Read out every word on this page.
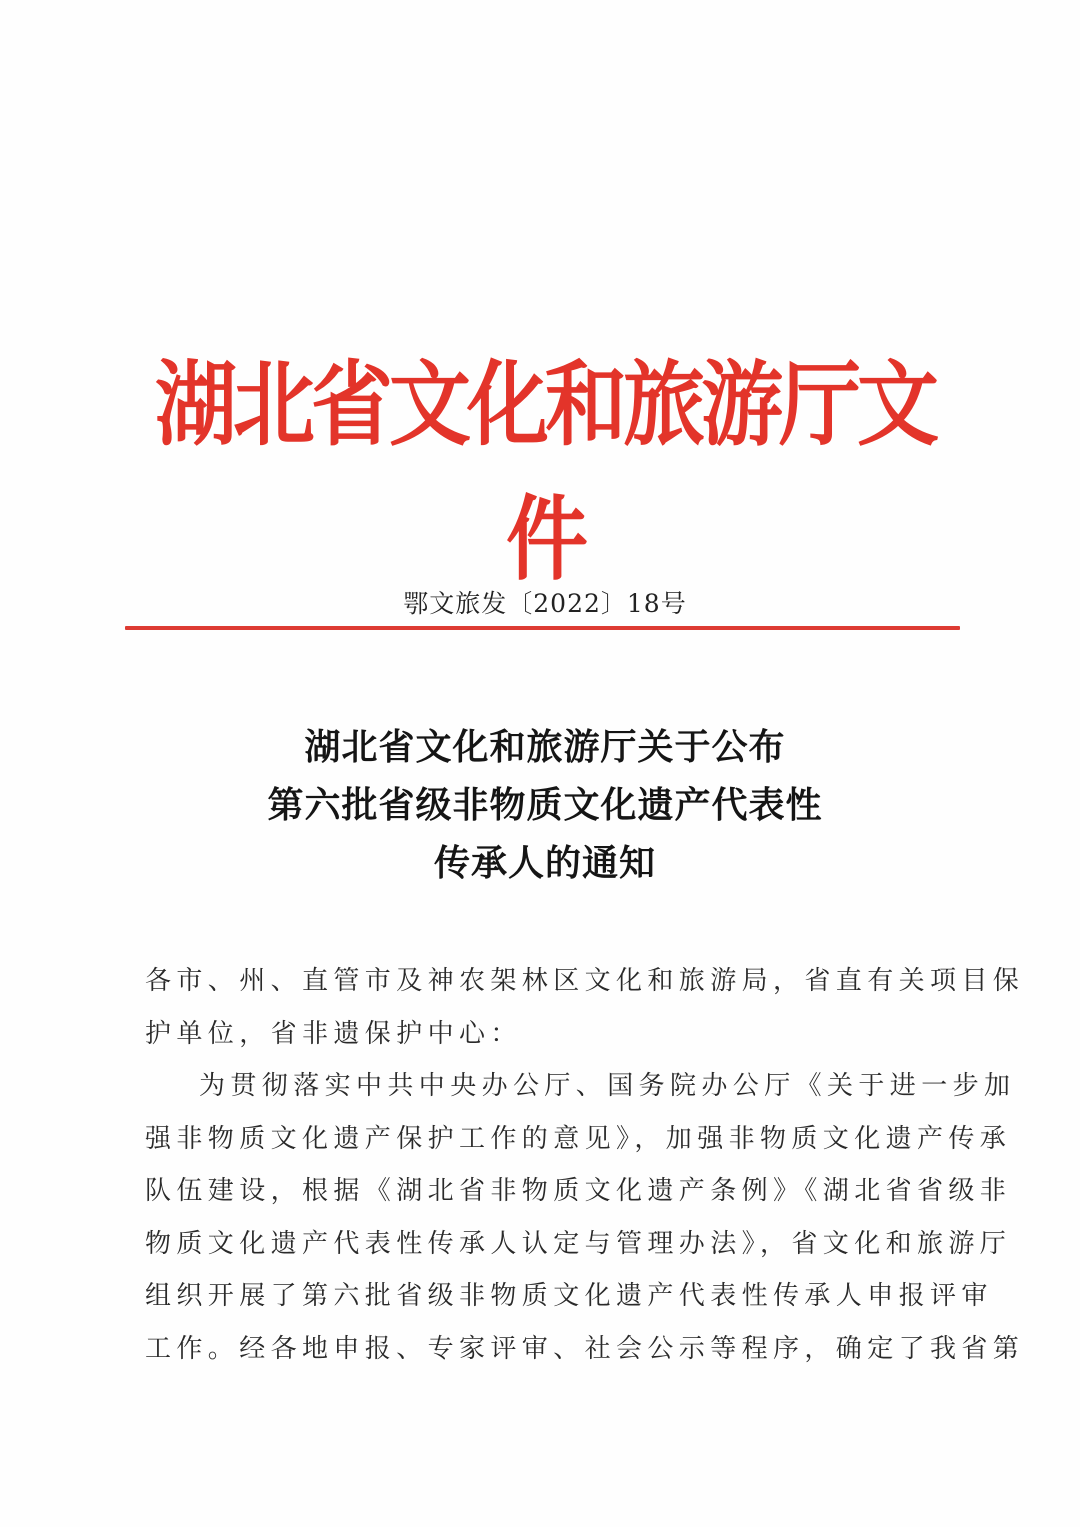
湖北省文化和旅游厅文件
鄂文旅发〔2022〕18号
湖北省文化和旅游厅关于公布
第六批省级非物质文化遗产代表性
传承人的通知
各市、州、直管市及神农架林区文化和旅游局，省直有关项目保
护单位，省非遗保护中心：
为贯彻落实中共中央办公厅、国务院办公厅《关于进一步加
强非物质文化遗产保护工作的意见》，加强非物质文化遗产传承
队伍建设，根据《湖北省非物质文化遗产条例》《湖北省省级非
物质文化遗产代表性传承人认定与管理办法》，省文化和旅游厅
组织开展了第六批省级非物质文化遗产代表性传承人申报评审
工作。经各地申报、专家评审、社会公示等程序，确定了我省第
